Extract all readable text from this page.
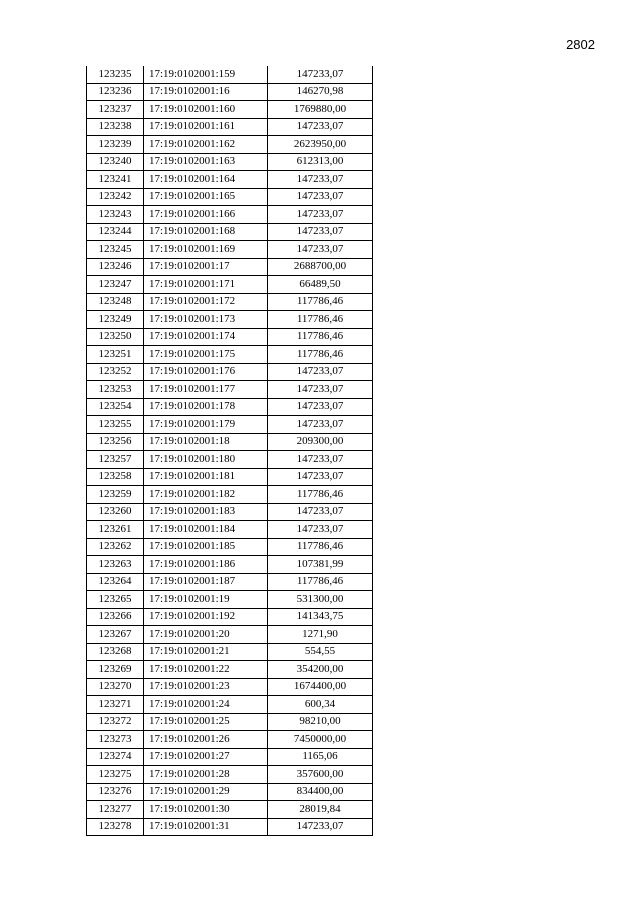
2802
123235	17:19:0102001:159	147233,07
123236	17:19:0102001:16	146270,98
123237	17:19:0102001:160	1769880,00
123238	17:19:0102001:161	147233,07
123239	17:19:0102001:162	2623950,00
123240	17:19:0102001:163	612313,00
123241	17:19:0102001:164	147233,07
123242	17:19:0102001:165	147233,07
123243	17:19:0102001:166	147233,07
123244	17:19:0102001:168	147233,07
123245	17:19:0102001:169	147233,07
123246	17:19:0102001:17	2688700,00
123247	17:19:0102001:171	66489,50
123248	17:19:0102001:172	117786,46
123249	17:19:0102001:173	117786,46
123250	17:19:0102001:174	117786,46
123251	17:19:0102001:175	117786,46
123252	17:19:0102001:176	147233,07
123253	17:19:0102001:177	147233,07
123254	17:19:0102001:178	147233,07
123255	17:19:0102001:179	147233,07
123256	17:19:0102001:18	209300,00
123257	17:19:0102001:180	147233,07
123258	17:19:0102001:181	147233,07
123259	17:19:0102001:182	117786,46
123260	17:19:0102001:183	147233,07
123261	17:19:0102001:184	147233,07
123262	17:19:0102001:185	117786,46
123263	17:19:0102001:186	107381,99
123264	17:19:0102001:187	117786,46
123265	17:19:0102001:19	531300,00
123266	17:19:0102001:192	141343,75
123267	17:19:0102001:20	1271,90
123268	17:19:0102001:21	554,55
123269	17:19:0102001:22	354200,00
123270	17:19:0102001:23	1674400,00
123271	17:19:0102001:24	600,34
123272	17:19:0102001:25	98210,00
123273	17:19:0102001:26	7450000,00
123274	17:19:0102001:27	1165,06
123275	17:19:0102001:28	357600,00
123276	17:19:0102001:29	834400,00
123277	17:19:0102001:30	28019,84
123278	17:19:0102001:31	147233,07
